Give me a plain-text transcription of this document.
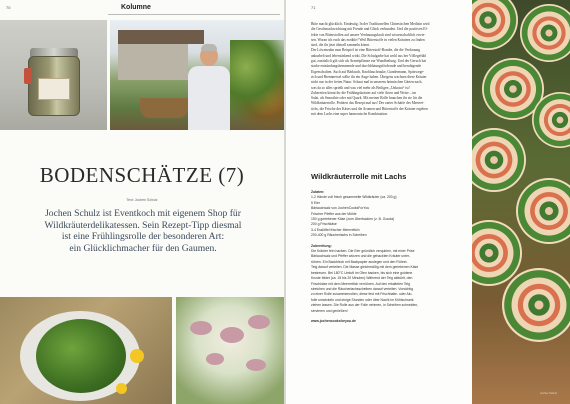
70	Kolumne
BODENSCHÄTZE (7)
Text: Jochen Schulz
Jochen Schulz ist Eventkoch mit eigenem Shop für
Wildkräuterdelikatessen. Sein Rezept-Tipp diesmal
ist eine Frühlingsrolle der besonderen Art:
ein Glücklichmacher für den Gaumen.
71
Bitte macht glücklich. Eindeutig. In der Traditionellen Chinesischen Medizin wird
die Geschmacksrichtung mit Freude und Glück verbunden. Und die positiven Ef-
fekte von Bitterstoffen auf unsere Verdauungskraft sind wissenschaftlich erwie-
sen. Woran ich euch das erzähle? Weil Bitterstoffe in vielen Kräutern zu finden
sind, die ihr jetzt überall sammeln könnt.
Der Löwenzahn zum Beispiel ist eine Bitterstoff-Bombe, die die Verdauung
ankurbelt und leberstärkend wirkt. Die Schafgarbe hat wohl aus her Völlegefühl
gut, zusätzlich gilt sich als Arzneipflanze zur Wundheilung. Und der Geruch hat
starke entzündungshemmende und durchblutungsfördernde und beruhigende
Eigenschaften. Auch auf Bärlauch, Knoblauchrauke, Gundermann, Spitzwege-
rich und Brennnessel sollte ihr ein Auge haben. Übrigens wachsen diese Kräuter
nicht nur in der freien Natur. Schaut mal in unserem heimischen Gärten nach,
was da so alles sprießt und was viel mehr als Beiligen „Unkraut“ ist!
Zubereiten könnt ihr die Frühlingskräuter auf viele Arten und Weise – im
Salat, als Smoothie oder mit Quark. Mit meiner Rolle brauchen ihr sie für die
Wildkräuterrolle. Probiert das Rezept mal aus! Der zarter Schärfe des Meerret-
tichs, die Frische des Käses und die Aromen und Bitterstoffe der Kräuter ergeben
mit dem Lachs eine super harmonische Kombination.
Wildkräuterrolle mit Lachs
Zutaten:
1-2 Hände voll frisch gesammelte Wildkräuter (ca. 200 g)
5 Eier
Bärlauchsalz von JochenCooksForYou
Frischer Pfeffer aus der Mühle
150 g geriebener Käse (zum Überbacken (z. B. Gouda)
200 g Frischkäse
3-4 Esslöffel frischer Meerrettich
200-400 g Räucherlachs in Scheiben
Zubereitung:
Die Kräuter fein hacken. Die Eier gründlich verquirlen, mit einer Prise
Bärlauchsalz und Pfeffer würzen und die gehackten Kräuter unter-
rühren. Ein Backblech mit Backpapier auslegen und den Rührei-
Teig darauf verteilen. Die Masse gleichmäßig mit dem geriebenen Käse
bestreuen. Bei 180°C Umluft im Ofen backen, bis sich eine goldene
Kruste bildet (ca. 15 bis 20 Minuten).Während der Teig abkühlt, den
Frischkäse mit dem Meerrettich verrühren. Auf den erkalteten Teig
streichen und die Räucherlachsscheiben darauf verteilen. Vorsichtig
zu einer Rolle zusammenrollen, diese fest mit Frischhalte- oder Alu-
folie umwickeln und einige Stunden oder über Nacht im Kühlschrank
ziehen lassen. Die Rolle aus der Folie nehmen, in Scheiben schneiden,
servieren und genießen!
www.jochencooksforyou.de
Jochen Schulz
